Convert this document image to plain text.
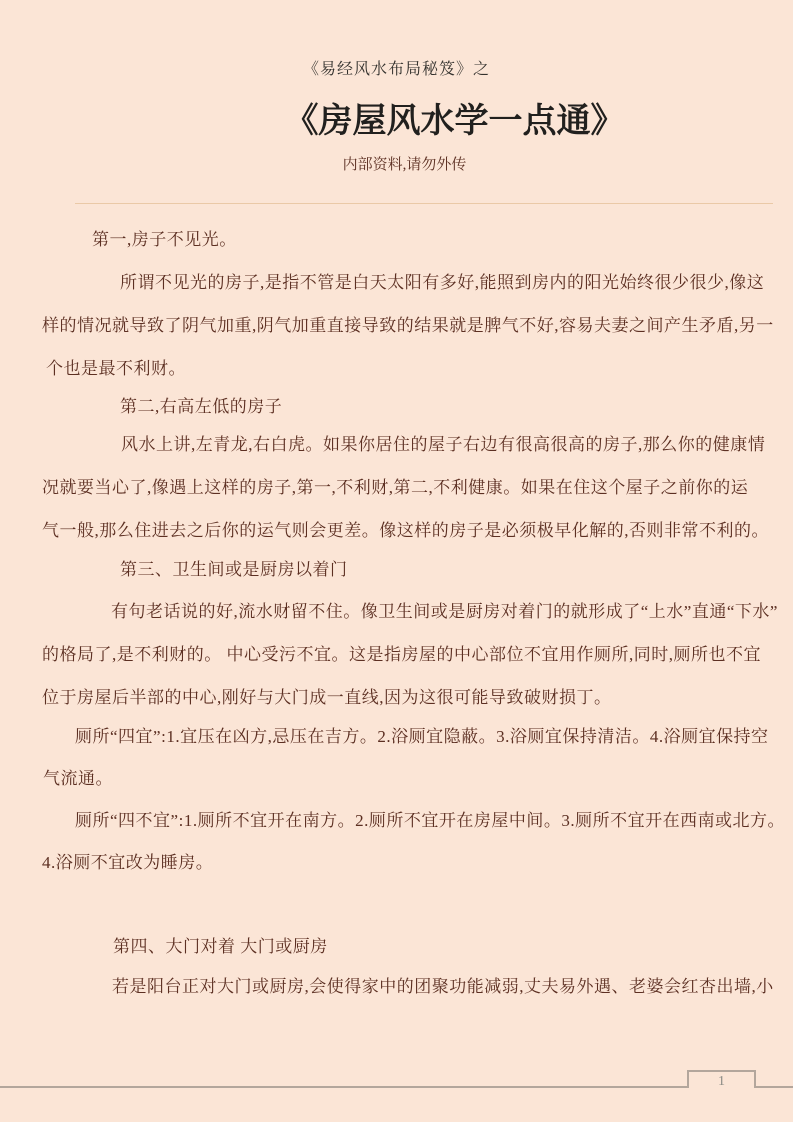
《易经风水布局秘笈》之
《房屋风水学一点通》
内部资料,请勿外传
第一,房子不见光。
所谓不见光的房子,是指不管是白天太阳有多好,能照到房内的阳光始终很少很少,像这
样的情况就导致了阴气加重,阴气加重直接导致的结果就是脾气不好,容易夫妻之间产生矛盾,另一
个也是最不利财。
第二,右高左低的房子
风水上讲,左青龙,右白虎。如果你居住的屋子右边有很高很高的房子,那么你的健康情
况就要当心了,像遇上这样的房子,第一,不利财,第二,不利健康。如果在住这个屋子之前你的运
气一般,那么住进去之后你的运气则会更差。像这样的房子是必须极早化解的,否则非常不利的。
第三、卫生间或是厨房以着门
有句老话说的好,流水财留不住。像卫生间或是厨房对着门的就形成了“上水”直通“下水”
的格局了,是不利财的。 中心受污不宜。这是指房屋的中心部位不宜用作厕所,同时,厕所也不宜
位于房屋后半部的中心,刚好与大门成一直线,因为这很可能导致破财损丁。
厕所“四宜”:1.宜压在凶方,忌压在吉方。2.浴厕宜隐蔽。3.浴厕宜保持清洁。4.浴厕宜保持空
气流通。
厕所“四不宜”:1.厕所不宜开在南方。2.厕所不宜开在房屋中间。3.厕所不宜开在西南或北方。
4.浴厕不宜改为睡房。
第四、大门对着 大门或厨房
若是阳台正对大门或厨房,会使得家中的团聚功能减弱,丈夫易外遇、老婆会红杏出墙,小
1
